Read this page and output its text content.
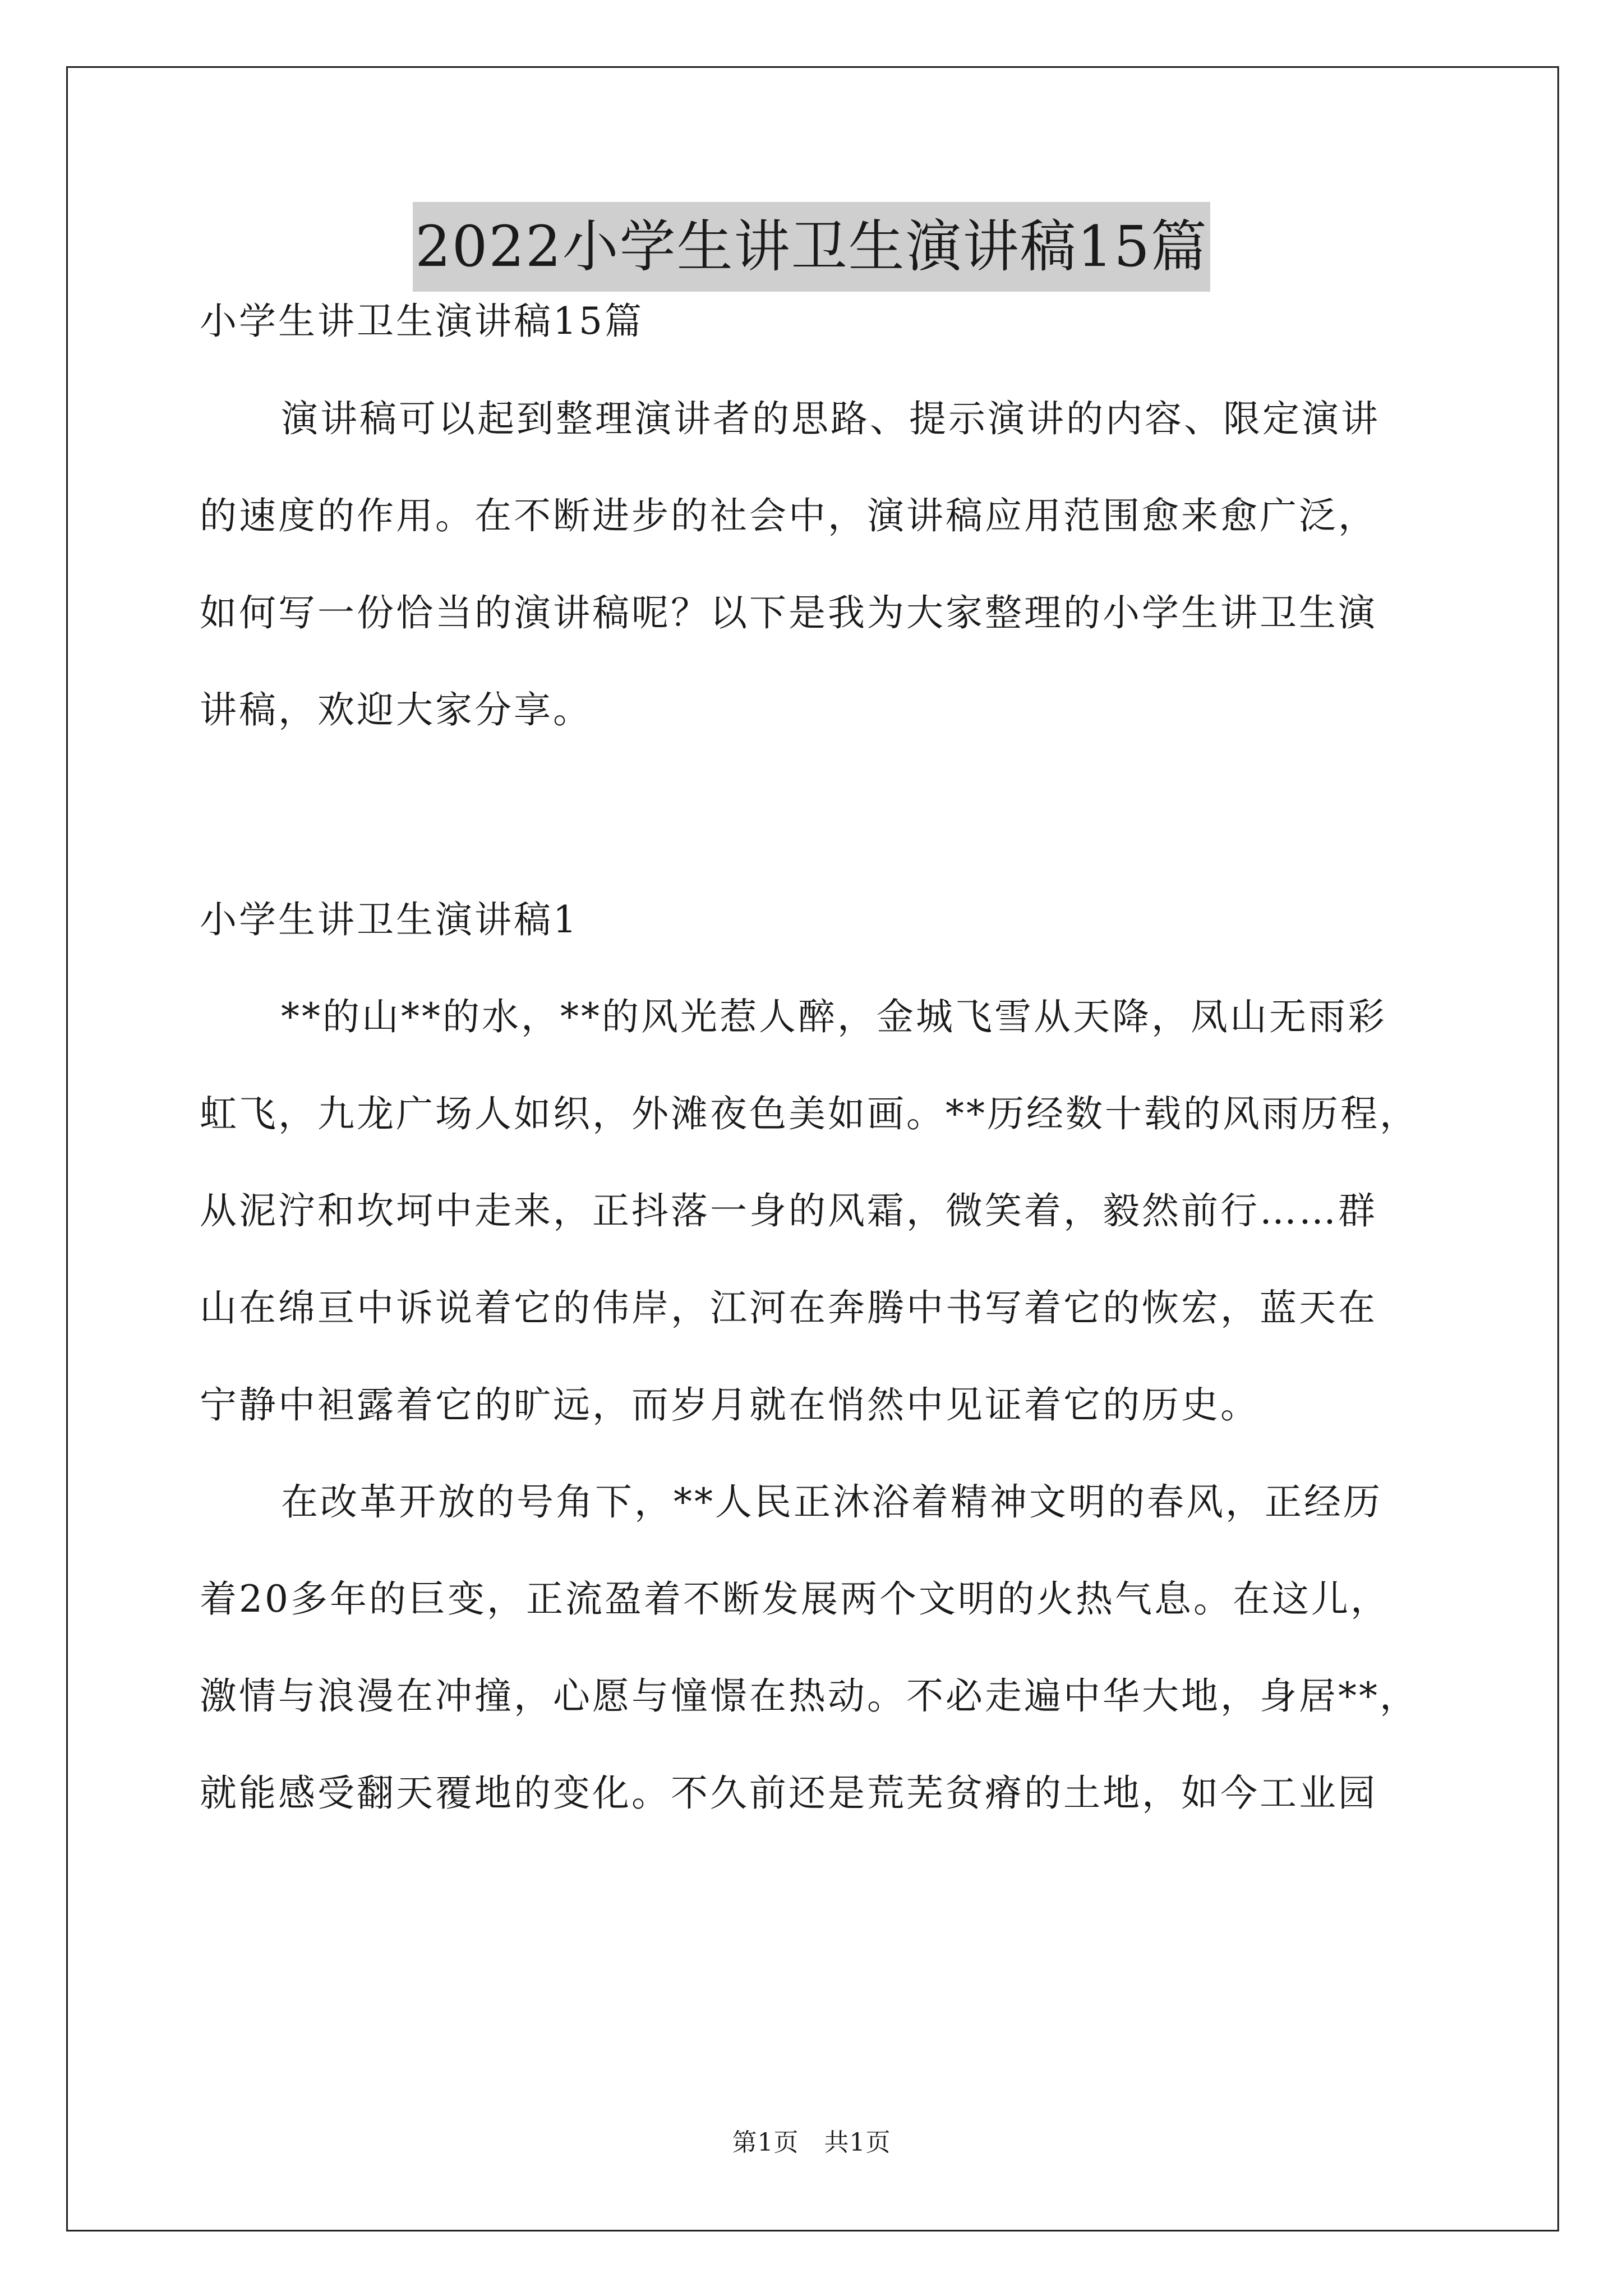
2022小学生讲卫生演讲稿15篇
小学生讲卫生演讲稿15篇
演讲稿可以起到整理演讲者的思路、提示演讲的内容、限定演讲
的速度的作用。在不断进步的社会中，演讲稿应用范围愈来愈广泛，
如何写一份恰当的演讲稿呢？以下是我为大家整理的小学生讲卫生演
讲稿，欢迎大家分享。
小学生讲卫生演讲稿1
**的山**的水，**的风光惹人醉，金城飞雪从天降，凤山无雨彩
虹飞，九龙广场人如织，外滩夜色美如画。**历经数十载的风雨历程，
从泥泞和坎坷中走来，正抖落一身的风霜，微笑着，毅然前行……群
山在绵亘中诉说着它的伟岸，江河在奔腾中书写着它的恢宏，蓝天在
宁静中袒露着它的旷远，而岁月就在悄然中见证着它的历史。
在改革开放的号角下，**人民正沐浴着精神文明的春风，正经历
着20多年的巨变，正流盈着不断发展两个文明的火热气息。在这儿，
激情与浪漫在冲撞，心愿与憧憬在热动。不必走遍中华大地，身居**，
就能感受翻天覆地的变化。不久前还是荒芜贫瘠的土地，如今工业园
第1页　共1页
